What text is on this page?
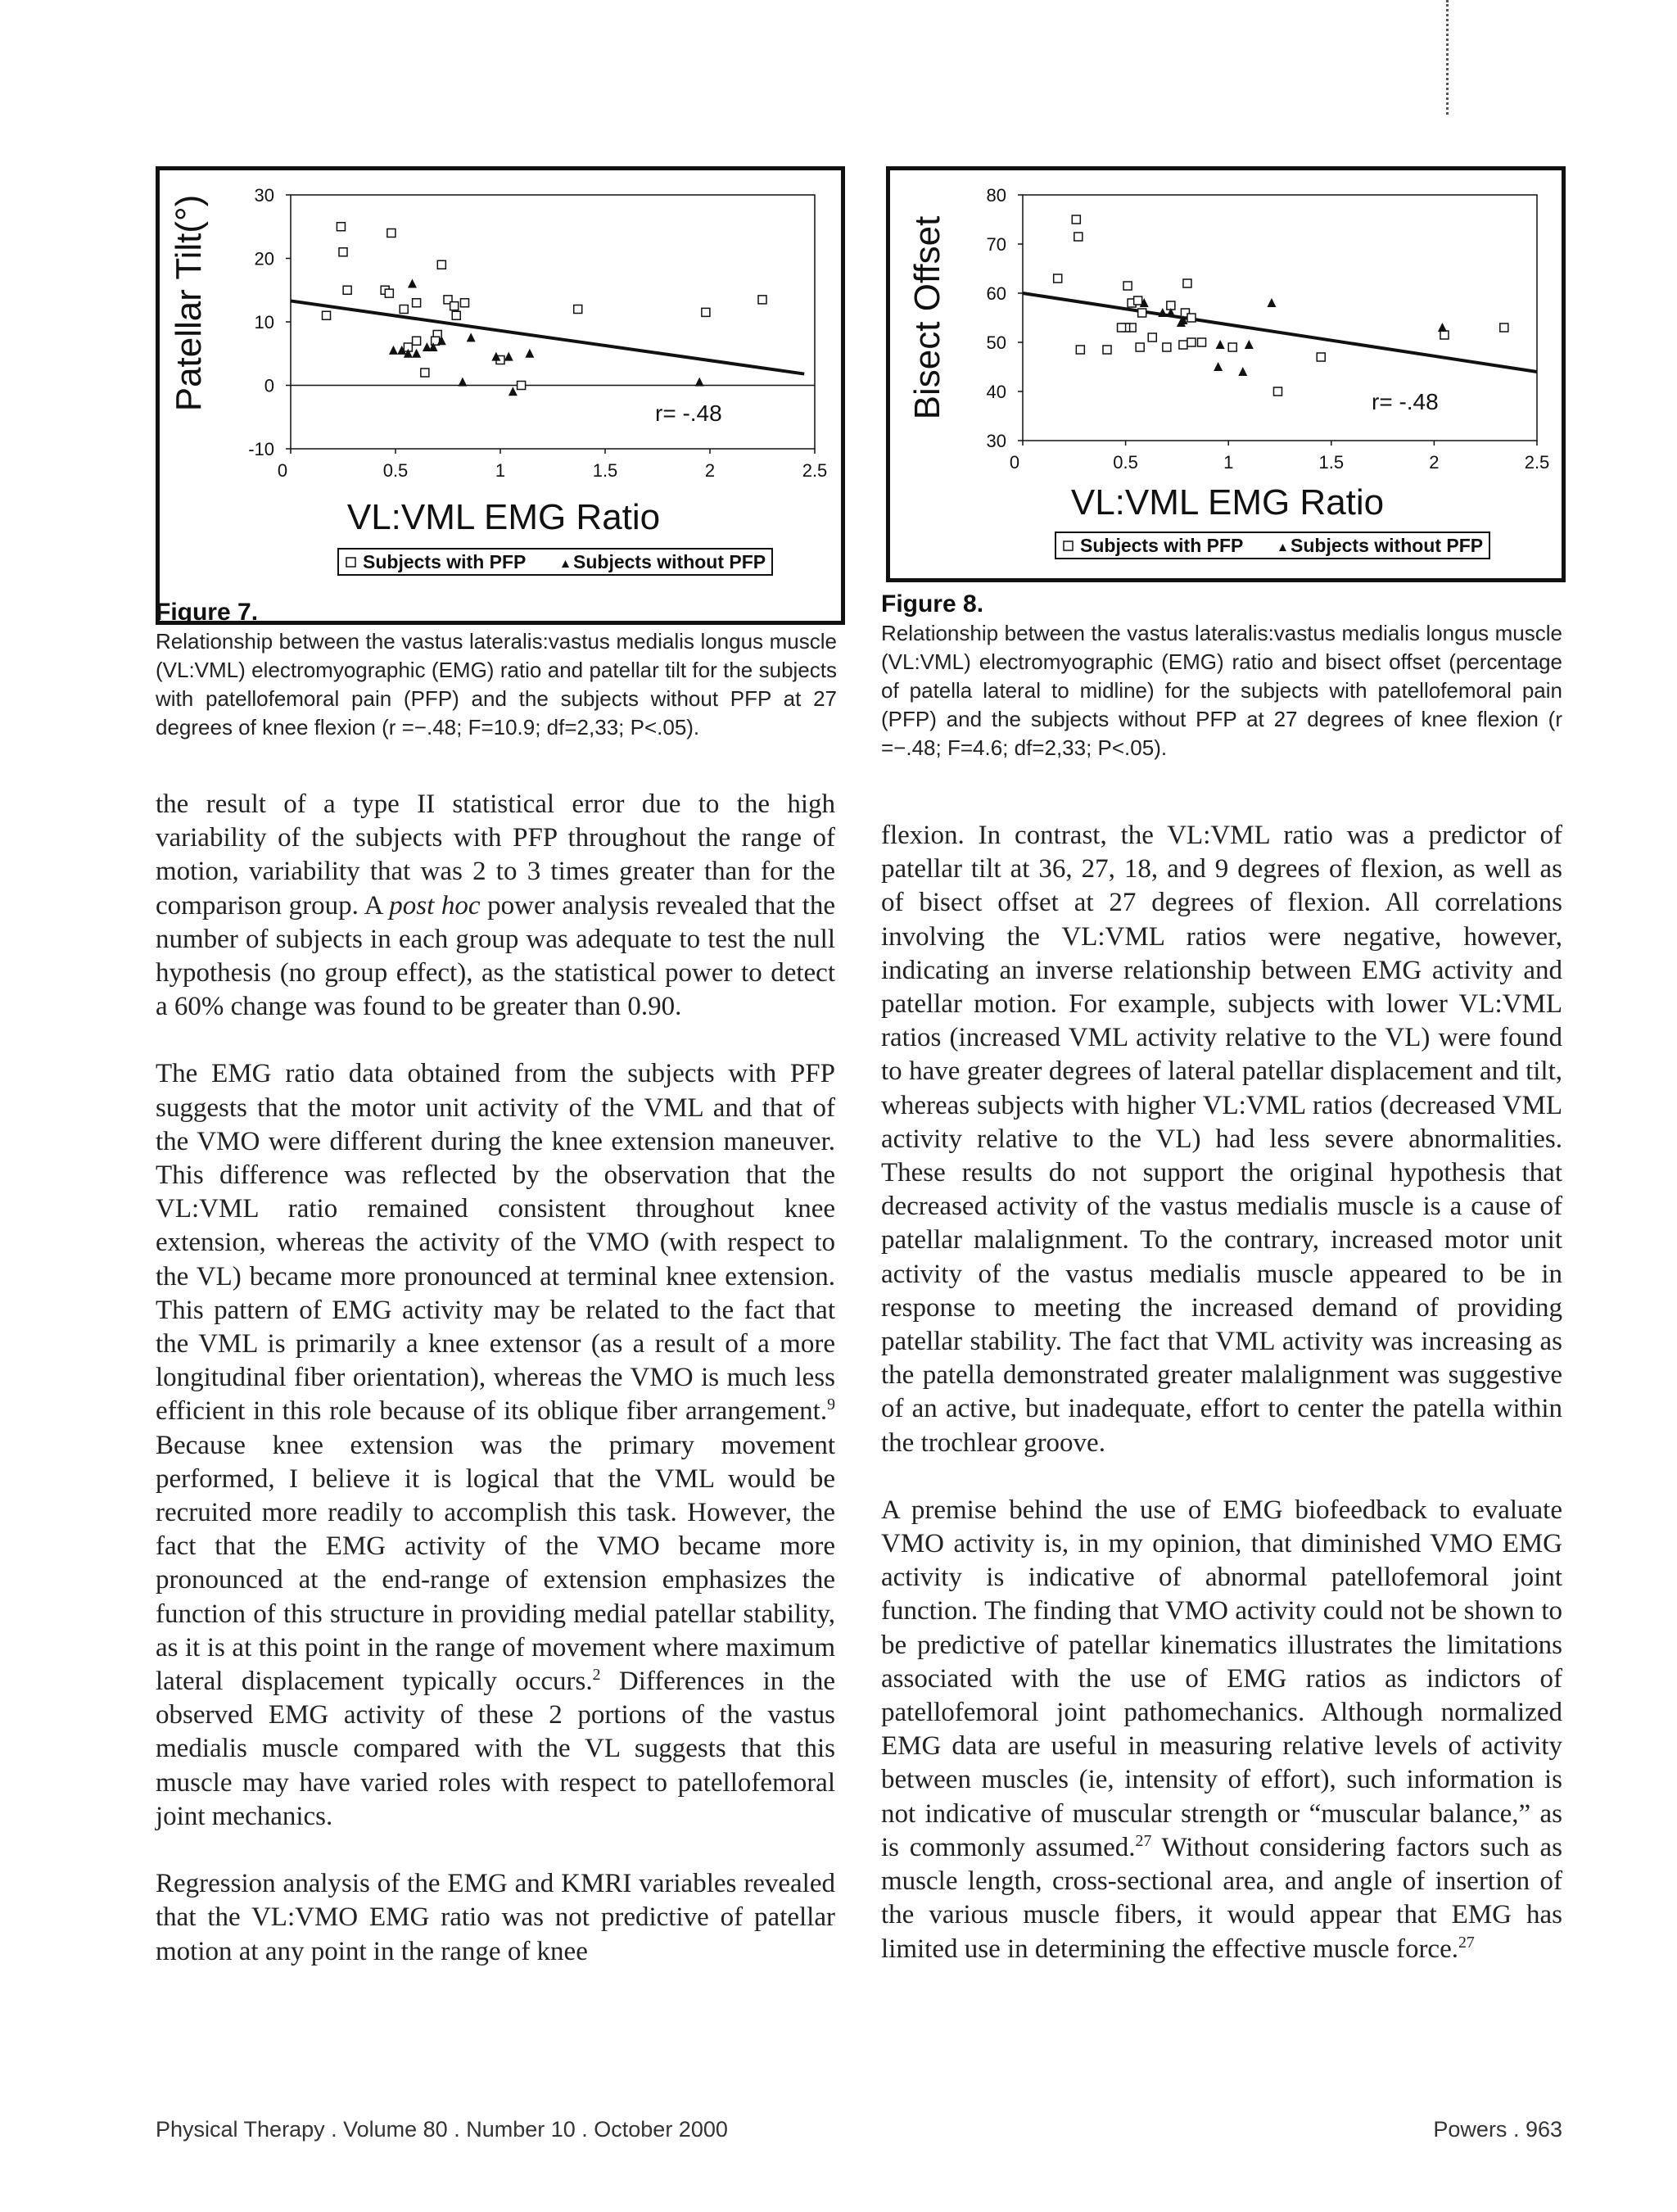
Patellar Tilt(°)
VL:VML EMG Ratio
r= -.48
Subjects with PFP	Subjects without PFP
30
20
10
0
-10
0	0.5	1	1.5	2	2.5
Figure 7.
Relationship between the vastus lateralis:vastus medialis longus muscle (VL:VML) electromyographic (EMG) ratio and patellar tilt for the subjects with patellofemoral pain (PFP) and the subjects without PFP at 27 degrees of knee flexion (r =−.48; F=10.9; df=2,33; P<.05).
Bisect Offset
VL:VML EMG Ratio
r= -.48
Subjects with PFP	Subjects without PFP
80
70
60
50
40
30
0	0.5	1	1.5	2	2.5
Figure 8.
Relationship between the vastus lateralis:vastus medialis longus muscle (VL:VML) electromyographic (EMG) ratio and bisect offset (percentage of patella lateral to midline) for the subjects with patellofemoral pain (PFP) and the subjects without PFP at 27 degrees of knee flexion (r =−.48; F=4.6; df=2,33; P<.05).

the result of a type II statistical error due to the high variability of the subjects with PFP throughout the range of motion, variability that was 2 to 3 times greater than for the comparison group. A post hoc power analysis revealed that the number of subjects in each group was adequate to test the null hypothesis (no group effect), as the statistical power to detect a 60% change was found to be greater than 0.90.

The EMG ratio data obtained from the subjects with PFP suggests that the motor unit activity of the VML and that of the VMO were different during the knee extension maneuver. This difference was reflected by the observation that the VL:VML ratio remained consistent throughout knee extension, whereas the activity of the VMO (with respect to the VL) became more pronounced at terminal knee extension. This pattern of EMG activity may be related to the fact that the VML is primarily a knee extensor (as a result of a more longitudinal fiber orientation), whereas the VMO is much less efficient in this role because of its oblique fiber arrangement.$^9$ Because knee extension was the primary movement performed, I believe it is logical that the VML would be recruited more readily to accomplish this task. However, the fact that the EMG activity of the VMO became more pronounced at the end-range of extension emphasizes the function of this structure in providing medial patellar stability, as it is at this point in the range of movement where maximum lateral displacement typically occurs.$^2$ Differences in the observed EMG activity of these 2 portions of the vastus medialis muscle compared with the VL suggests that this muscle may have varied roles with respect to patellofemoral joint mechanics.

Regression analysis of the EMG and KMRI variables revealed that the VL:VMO EMG ratio was not predictive of patellar motion at any point in the range of knee

flexion. In contrast, the VL:VML ratio was a predictor of patellar tilt at 36, 27, 18, and 9 degrees of flexion, as well as of bisect offset at 27 degrees of flexion. All correlations involving the VL:VML ratios were negative, however, indicating an inverse relationship between EMG activity and patellar motion. For example, subjects with lower VL:VML ratios (increased VML activity relative to the VL) were found to have greater degrees of lateral patellar displacement and tilt, whereas subjects with higher VL:VML ratios (decreased VML activity relative to the VL) had less severe abnormalities. These results do not support the original hypothesis that decreased activity of the vastus medialis muscle is a cause of patellar malalignment. To the contrary, increased motor unit activity of the vastus medialis muscle appeared to be in response to meeting the increased demand of providing patellar stability. The fact that VML activity was increasing as the patella demonstrated greater malalignment was suggestive of an active, but inadequate, effort to center the patella within the trochlear groove.

A premise behind the use of EMG biofeedback to evaluate VMO activity is, in my opinion, that diminished VMO EMG activity is indicative of abnormal patellofemoral joint function. The finding that VMO activity could not be shown to be predictive of patellar kinematics illustrates the limitations associated with the use of EMG ratios as indictors of patellofemoral joint pathomechanics. Although normalized EMG data are useful in measuring relative levels of activity between muscles (ie, intensity of effort), such information is not indicative of muscular strength or “muscular balance,” as is commonly assumed.$^{27}$ Without considering factors such as muscle length, cross-sectional area, and angle of insertion of the various muscle fibers, it would appear that EMG has limited use in determining the effective muscle force.$^{27}$

Physical Therapy . Volume 80 . Number 10 . October 2000	Powers . 963
